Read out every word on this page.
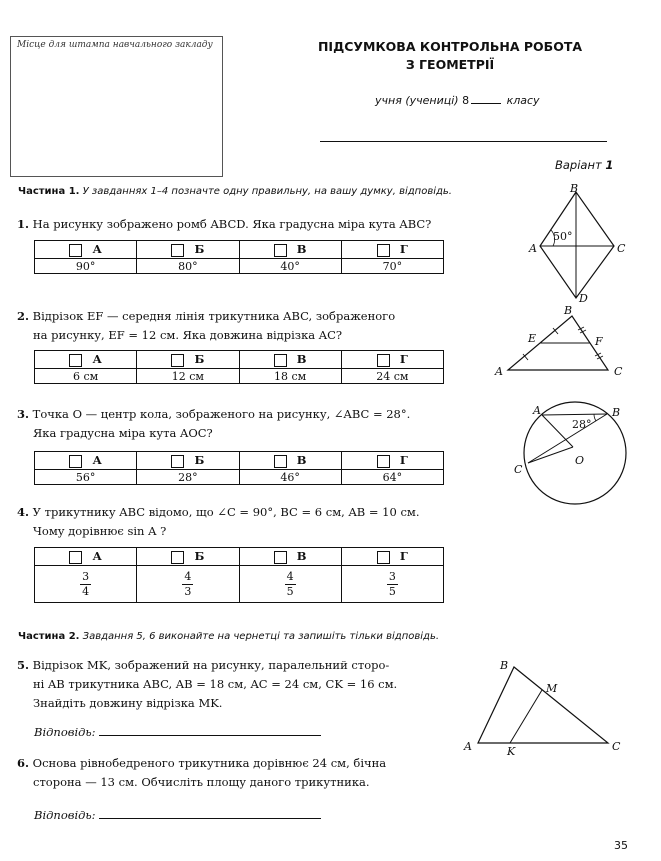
Місце для штампа навчального закладу	ПІДСУМКОВА КОНТРОЛЬНА РОБОТА
З ГЕОМЕТРІЇ
учня (учениці) 8	класу
Варіант 1
Частина 1. У завданнях 1–4 позначте одну правильну, на вашу думку, відповідь.
1. На рисунку зображено ромб ABCD. Яка градусна міра кута ABC?
А	Б	В	Г
90°	80°	40°	70°
B
A	C
D
50°
2. Відрізок EF — середня лінія трикутника ABC, зображеного
на рисунку, EF = 12 см. Яка довжина відрізка AC?
А	Б	В	Г
6 см	12 см	18 см	24 см
B
E	F
A	C
3. Точка O — центр кола, зображеного на рисунку, ∠ABC = 28°.
Яка градусна міра кута AOC?
А	Б	В	Г
56°	28°	46°	64°
A	B
C
O
28°
4. У трикутнику ABC відомо, що ∠C = 90°, BC = 6 см, AB = 10 см.
Чому дорівнює sin A ?
А	Б	В	Г

$\frac{3}{4}$	$\frac{4}{3}$	$\frac{4}{5}$	$\frac{3}{5}$
Частина 2. Завдання 5, 6 виконайте на чернетці та запишіть тільки відповідь.
5. Відрізок MK, зображений на рисунку, паралельний сторо-
ні AB трикутника ABC, AB = 18 см, AC = 24 см, CK = 16 см.
Знайдіть довжину відрізка MK.
Відповідь:
B
M
A	K	C
6. Основа рівнобедреного трикутника дорівнює 24 см, бічна
сторона — 13 см. Обчисліть площу даного трикутника.
Відповідь:
35
